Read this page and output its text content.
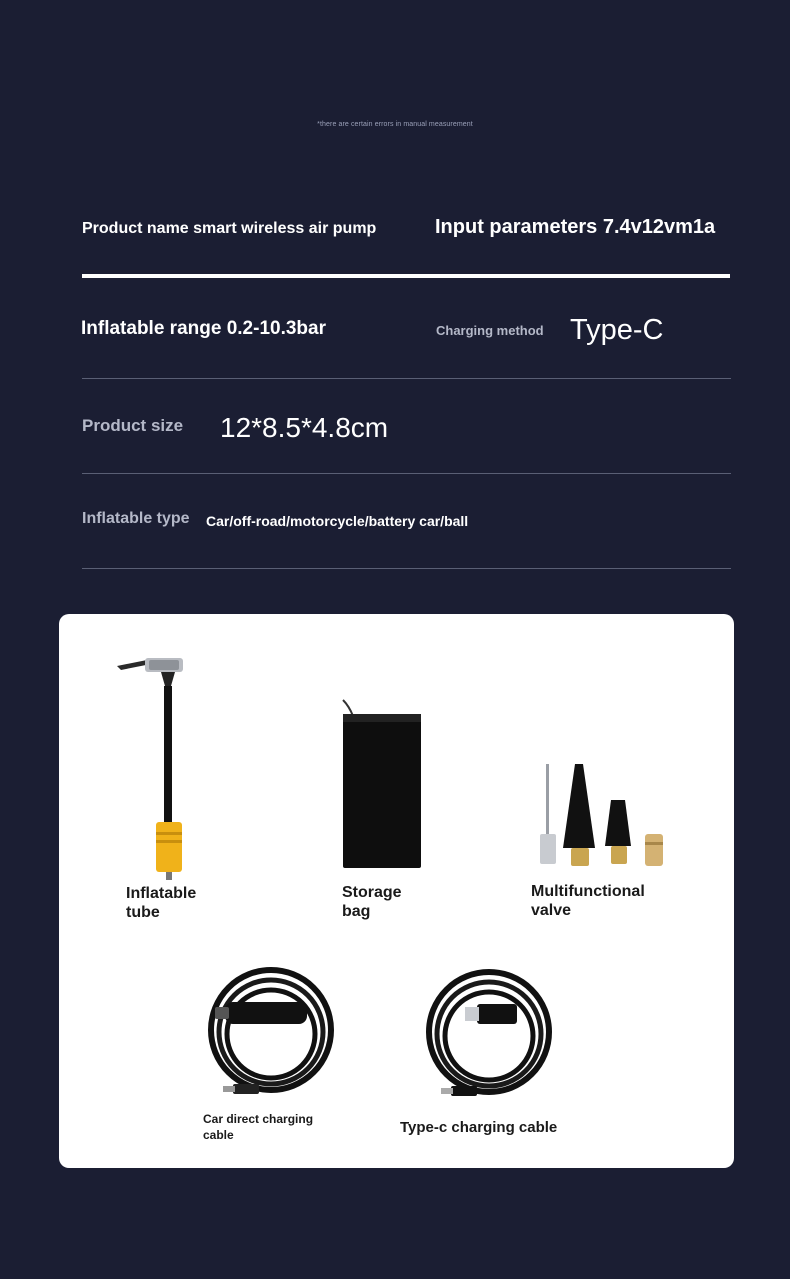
*there are certain errors in manual measurement
Product name smart wireless air pump	Input parameters 7.4v12vm1a
Inflatable range 0.2-10.3bar	Charging method Type-C
Product size 12*8.5*4.8cm
Inflatable type Car/off-road/motorcycle/battery car/ball
Inflatable
tube
Storage
bag
Multifunctional
valve
Car direct charging
cable	Type-c charging cable
